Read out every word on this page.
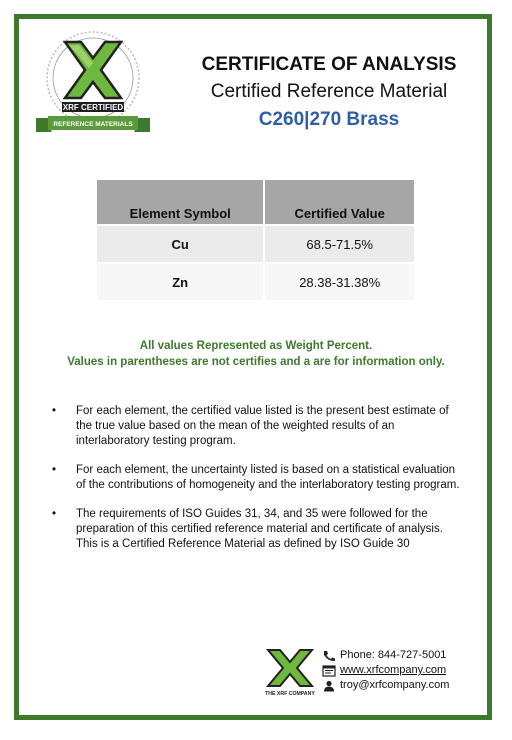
XRF CERTIFIED
REFERENCE MATERIALS
CERTIFICATE OF ANALYSIS
Certified Reference Material
C260|270 Brass
Element Symbol	Certified Value
Cu	68.5-71.5%
Zn	28.38-31.38%
All values Represented as Weight Percent.
Values in parentheses are not certifies and a are for information only.
• For each element, the certified value listed is the present best estimate of the true value based on the mean of the weighted results of an interlaboratory testing program.
• For each element, the uncertainty listed is based on a statistical evaluation of the contributions of homogeneity and the interlaboratory testing program.
• The requirements of ISO Guides 31, 34, and 35 were followed for the preparation of this certified reference material and certificate of analysis. This is a Certified Reference Material as defined by ISO Guide 30
THE XRF COMPANY
Phone: 844-727-5001
www.xrfcompany.com
troy@xrfcompany.com
